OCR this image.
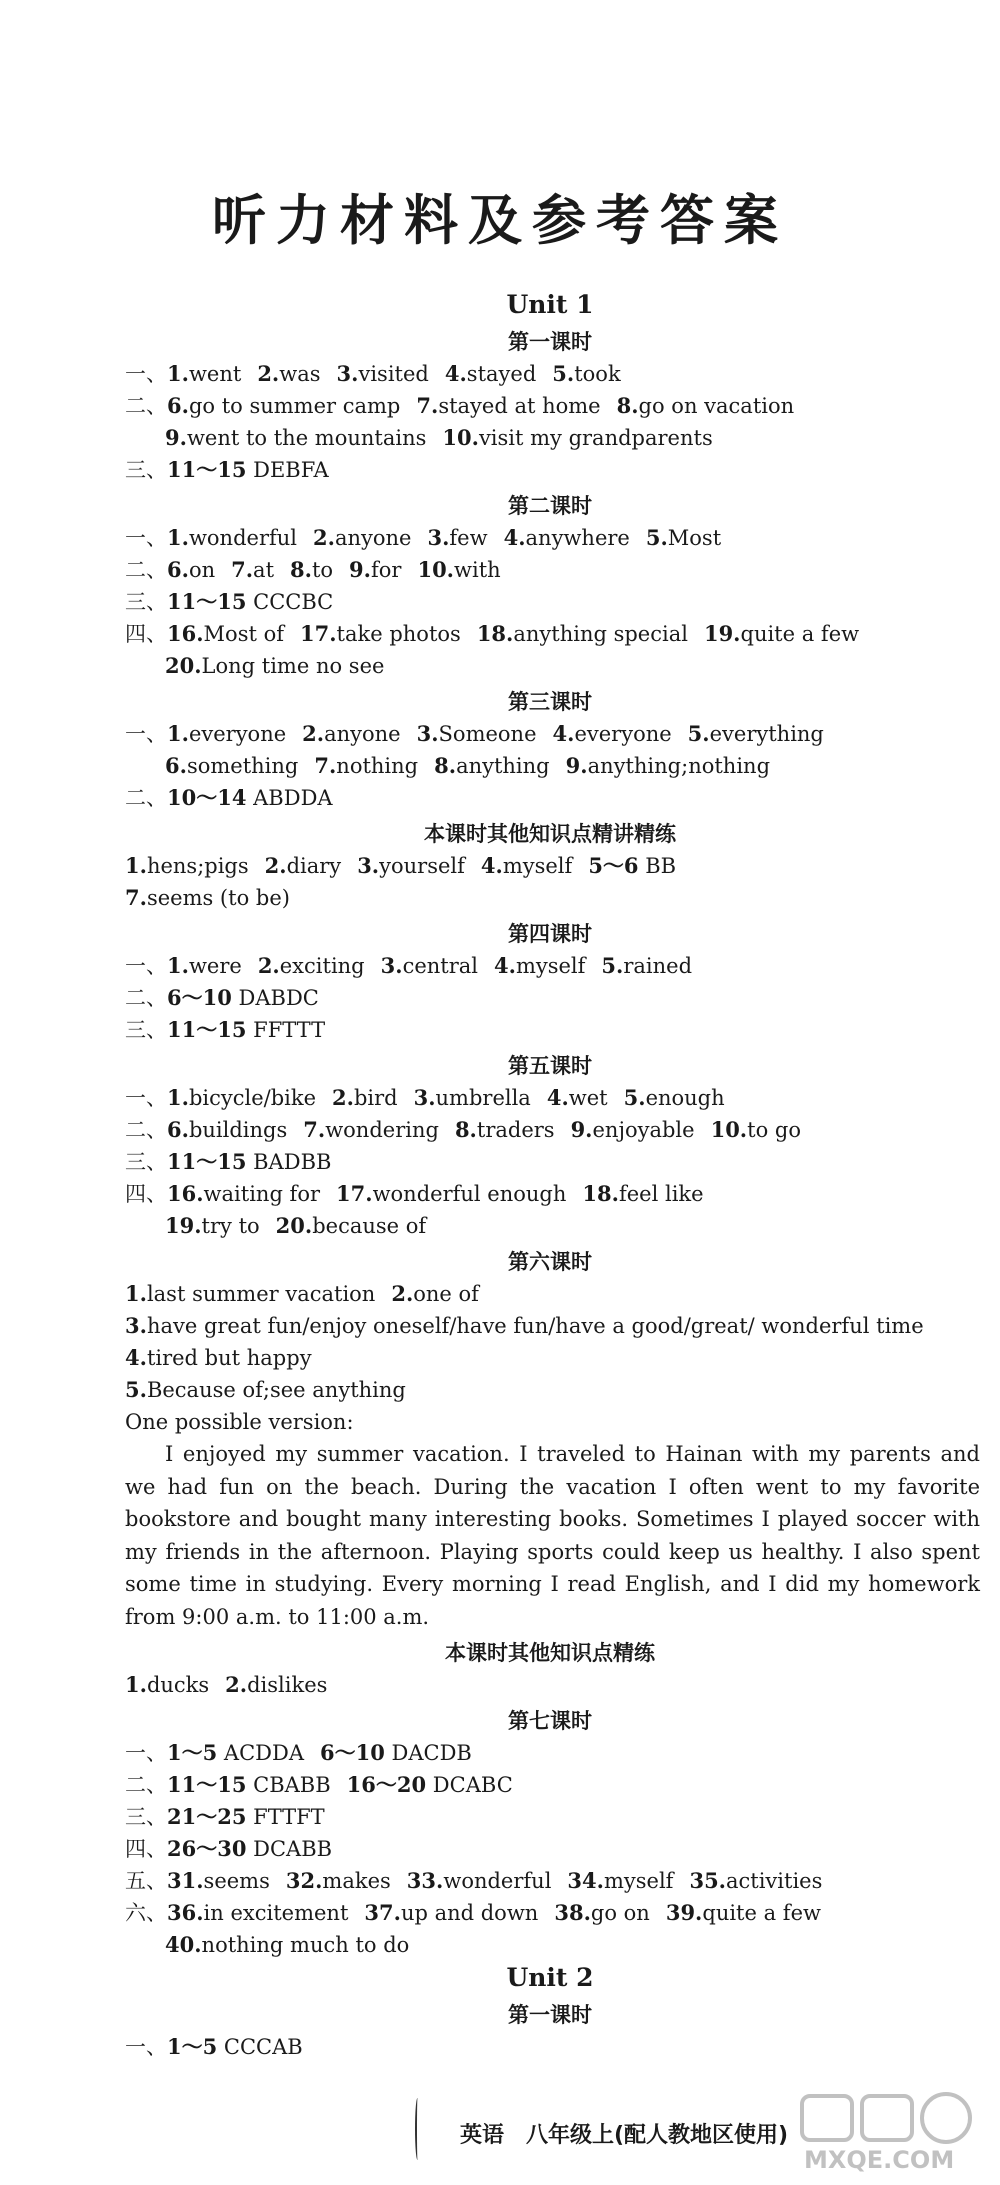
听力材料及参考答案
Unit 1
第一课时
一、1.went 2.was 3.visited 4.stayed 5.took
二、6.go to summer camp 7.stayed at home 8.go on vacation
9.went to the mountains 10.visit my grandparents
三、11～15 DEBFA
第二课时
一、1.wonderful 2.anyone 3.few 4.anywhere 5.Most
二、6.on 7.at 8.to 9.for 10.with
三、11～15 CCCBC
四、16.Most of 17.take photos 18.anything special 19.quite a few
20.Long time no see
第三课时
一、1.everyone 2.anyone 3.Someone 4.everyone 5.everything
6.something 7.nothing 8.anything 9.anything;nothing
二、10～14 ABDDA
本课时其他知识点精讲精练
1.hens;pigs 2.diary 3.yourself 4.myself 5～6 BB
7.seems (to be)
第四课时
一、1.were 2.exciting 3.central 4.myself 5.rained
二、6～10 DABDC
三、11～15 FFTTT
第五课时
一、1.bicycle/bike 2.bird 3.umbrella 4.wet 5.enough
二、6.buildings 7.wondering 8.traders 9.enjoyable 10.to go
三、11～15 BADBB
四、16.waiting for 17.wonderful enough 18.feel like
19.try to 20.because of
第六课时
1.last summer vacation 2.one of
3.have great fun/enjoy oneself/have fun/have a good/great/ wonderful time
4.tired but happy
5.Because of;see anything
One possible version:
I enjoyed my summer vacation. I traveled to Hainan with my parents and we had fun on the beach. During the vacation I often went to my favorite bookstore and bought many interesting books. Sometimes I played soccer with my friends in the afternoon. Playing sports could keep us healthy. I also spent some time in studying. Every morning I read English, and I did my homework from 9:00 a.m. to 11:00 a.m.
本课时其他知识点精练
1.ducks 2.dislikes
第七课时
一、1～5 ACDDA 6～10 DACDB
二、11～15 CBABB 16～20 DCABC
三、21～25 FTTFT
四、26～30 DCABB
五、31.seems 32.makes 33.wonderful 34.myself 35.activities
六、36.in excitement 37.up and down 38.go on 39.quite a few
40.nothing much to do
Unit 2
第一课时
一、1～5 CCCAB
英语　八年级上(配人教地区使用)
MXQE.COM
